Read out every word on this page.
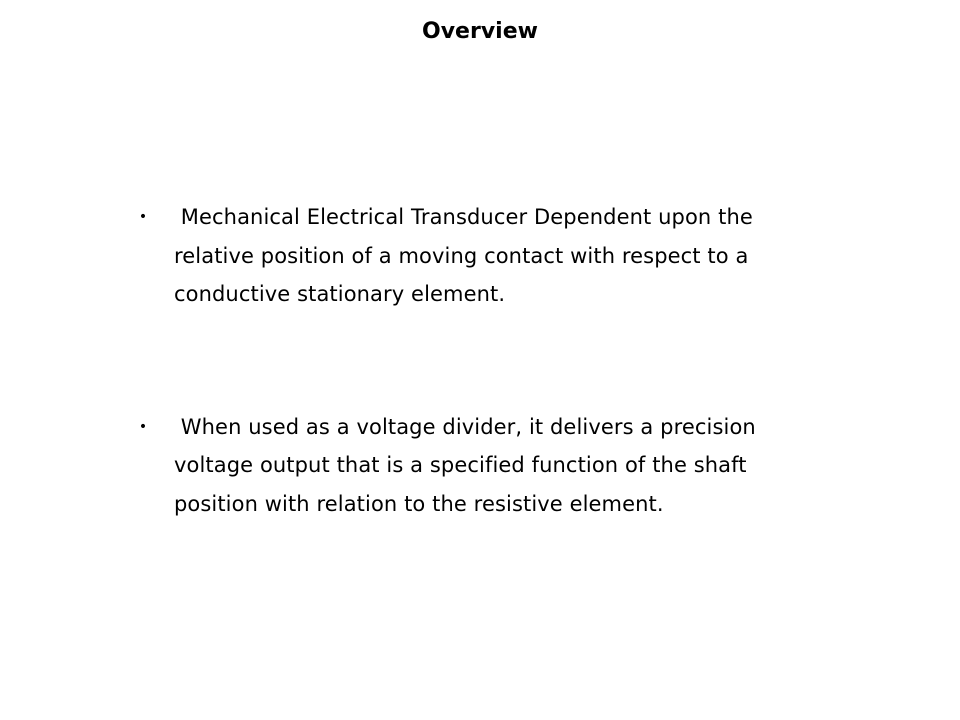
Overview
• Mechanical Electrical Transducer Dependent upon the relative position of a moving contact with respect to a conductive stationary element.
• When used as a voltage divider, it delivers a precision voltage output that is a specified function of the shaft position with relation to the resistive element.
